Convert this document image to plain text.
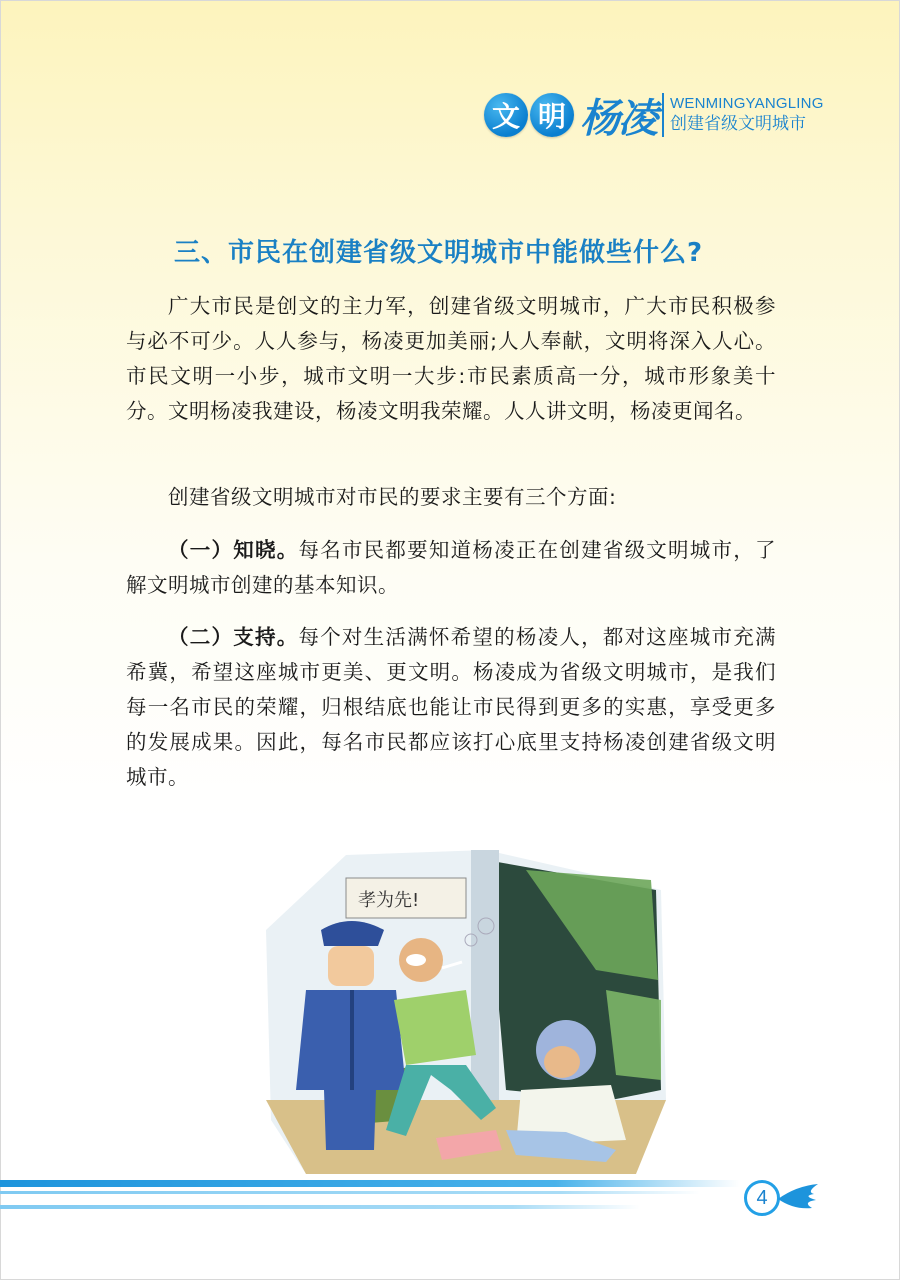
文 明 杨凌 WENMINGYANGLING
创建省级文明城市
三、市民在创建省级文明城市中能做些什么?

广大市民是创文的主力军，创建省级文明城市，广大市民积极参与必不可少。人人参与，杨凌更加美丽;人人奉献，文明将深入人心。市民文明一小步，城市文明一大步:市民素质高一分，城市形象美十分。文明杨凌我建设，杨凌文明我荣耀。人人讲文明，杨凌更闻名。

创建省级文明城市对市民的要求主要有三个方面:

（一）知晓。每名市民都要知道杨凌正在创建省级文明城市，了解文明城市创建的基本知识。

（二）支持。每个对生活满怀希望的杨凌人，都对这座城市充满希冀，希望这座城市更美、更文明。杨凌成为省级文明城市，是我们每一名市民的荣耀，归根结底也能让市民得到更多的实惠，享受更多的发展成果。因此，每名市民都应该打心底里支持杨凌创建省级文明城市。

孝为先!
4
